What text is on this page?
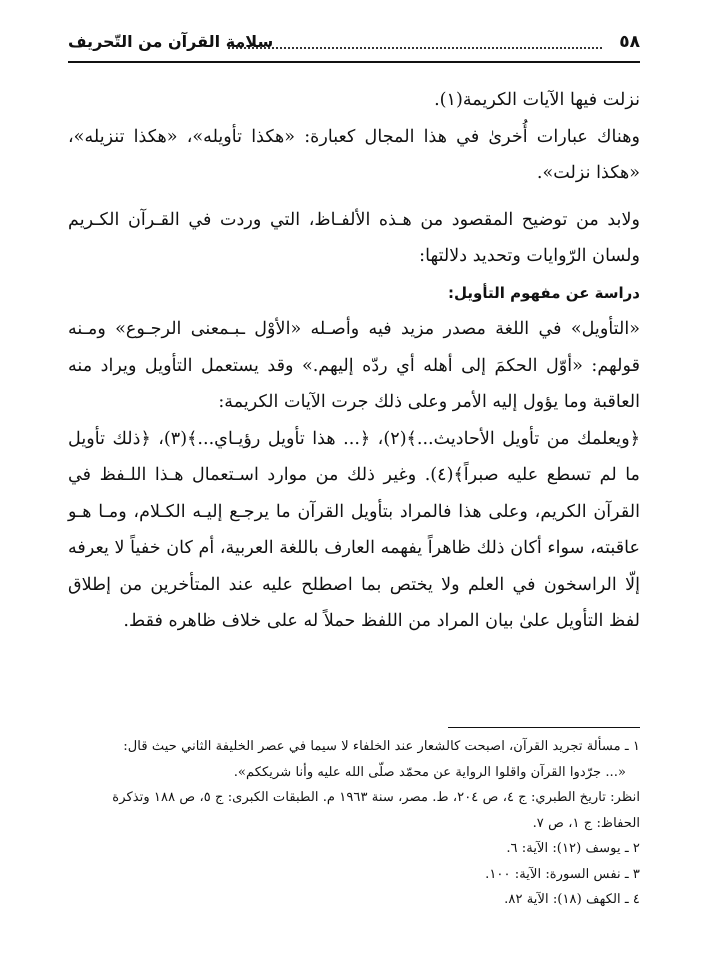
٥٨
سلامة القرآن من التّحريف

نزلت فيها الآيات الكريمة(١).

وهناك عبارات أُخرىٰ في هذا المجال كعبارة: «هكذا تأويله»، «هكذا تنزيله»، «هكذا نزلت».

ولابد من توضيح المقصود من هـذه الألفـاظ، التي وردت في القـرآن الكـريم ولسان الرّوايات وتحديد دلالتها:

دراسة عن مفهوم التأويل:

«التأويل» في اللغة مصدر مزيد فيه وأصـله «الأوْل ـبـمعنى الرجـوع» ومـنه قولهم: «أوّل الحكمَ إلى أهله أي ردّه إليهم.» وقد يستعمل التأويل ويراد منه العاقبة وما يؤول إليه الأمر وعلى ذلك جرت الآيات الكريمة:

﴿ويعلمك من تأويل الأحاديث...﴾(٢)، ﴿... هذا تأويل رؤيـاي...﴾(٣)، ﴿ذلك تأويل ما لم تسطع عليه صبراً﴾(٤). وغير ذلك من موارد اسـتعمال هـذا اللـفظ في القرآن الكريم، وعلى هذا فالمراد بتأويل القرآن ما يرجـع إليـه الكـلام، ومـا هـو عاقبته، سواء أكان ذلك ظاهراً يفهمه العارف باللغة العربية، أم كان خفياً لا يعرفه إلّا الراسخون في العلم ولا يختص بما اصطلح عليه عند المتأخرين من إطلاق لفظ التأويل علىٰ بيان المراد من اللفظ حملاً له على خلاف ظاهره فقط.

١ ـ مسألة تجريد القرآن، اصبحت كالشعار عند الخلفاء لا سيما في عصر الخليفة الثاني حيث قال:

«... جرّدوا القرآن واقلوا الرواية عن محمّد صلّى الله عليه وأنا شريككم».

انظر: تاريخ الطبري: ج ٤، ص ٢٠٤، ط. مصر، سنة ١٩٦٣ م. الطبقات الكبرى: ج ٥، ص ١٨٨ وتذكرة الحفاظ: ج ١، ص ٧.

٢ ـ يوسف (١٢): الآية: ٦.

٣ ـ نفس السورة: الآية: ١٠٠.

٤ ـ الكهف (١٨): الآية ٨٢.
